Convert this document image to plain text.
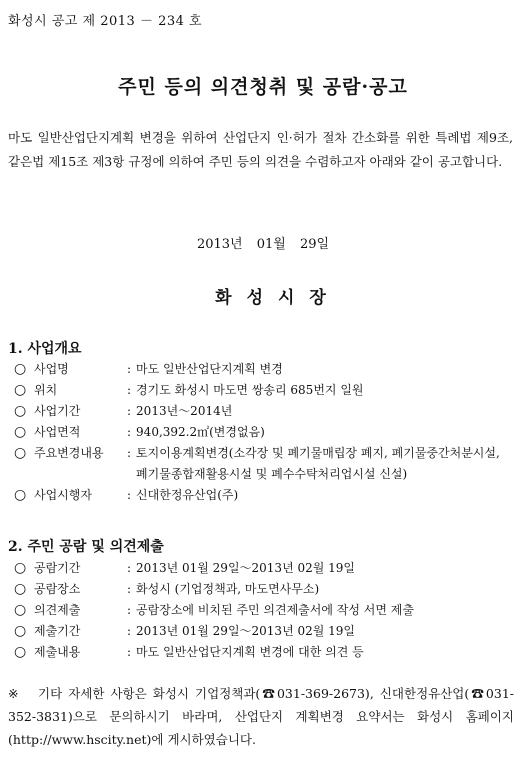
화성시 공고 제 2013 － 234 호
주민 등의 의견청취 및 공람·공고
마도 일반산업단지계획 변경을 위하여 산업단지 인·허가 절차 간소화를 위한 특례법 제9조, 같은법 제15조 제3항 규정에 의하여 주민 등의 의견을 수렴하고자 아래와 같이 공고합니다.
2013년 01월 29일
화성시장
1. 사업개요
○ 사업명	: 마도 일반산업단지계획 변경
○ 위치	: 경기도 화성시 마도면 쌍송리 685번지 일원
○ 사업기간	: 2013년～2014년
○ 사업면적	: 940,392.2㎡(변경없음)
○ 주요변경내용	: 토지이용계획변경(소각장 및 폐기물매립장 폐지, 폐기물중간처분시설, 폐기물종합재활용시설 및 폐수수탁처리업시설 신설)
○ 사업시행자	: 신대한정유산업(주)
2. 주민 공람 및 의견제출
○ 공람기간	: 2013년 01월 29일～2013년 02월 19일
○ 공람장소	: 화성시 (기업정책과, 마도면사무소)
○ 의견제출	: 공람장소에 비치된 주민 의견제출서에 작성 서면 제출
○ 제출기간	: 2013년 01월 29일～2013년 02월 19일
○ 제출내용	: 마도 일반산업단지계획 변경에 대한 의견 등
※ 기타 자세한 사항은 화성시 기업정책과(☎031-369-2673), 신대한정유산업(☎031-352-3831)으로 문의하시기 바라며, 산업단지 계획변경 요약서는 화성시 홈페이지 (http://www.hscity.net)에 게시하였습니다.
